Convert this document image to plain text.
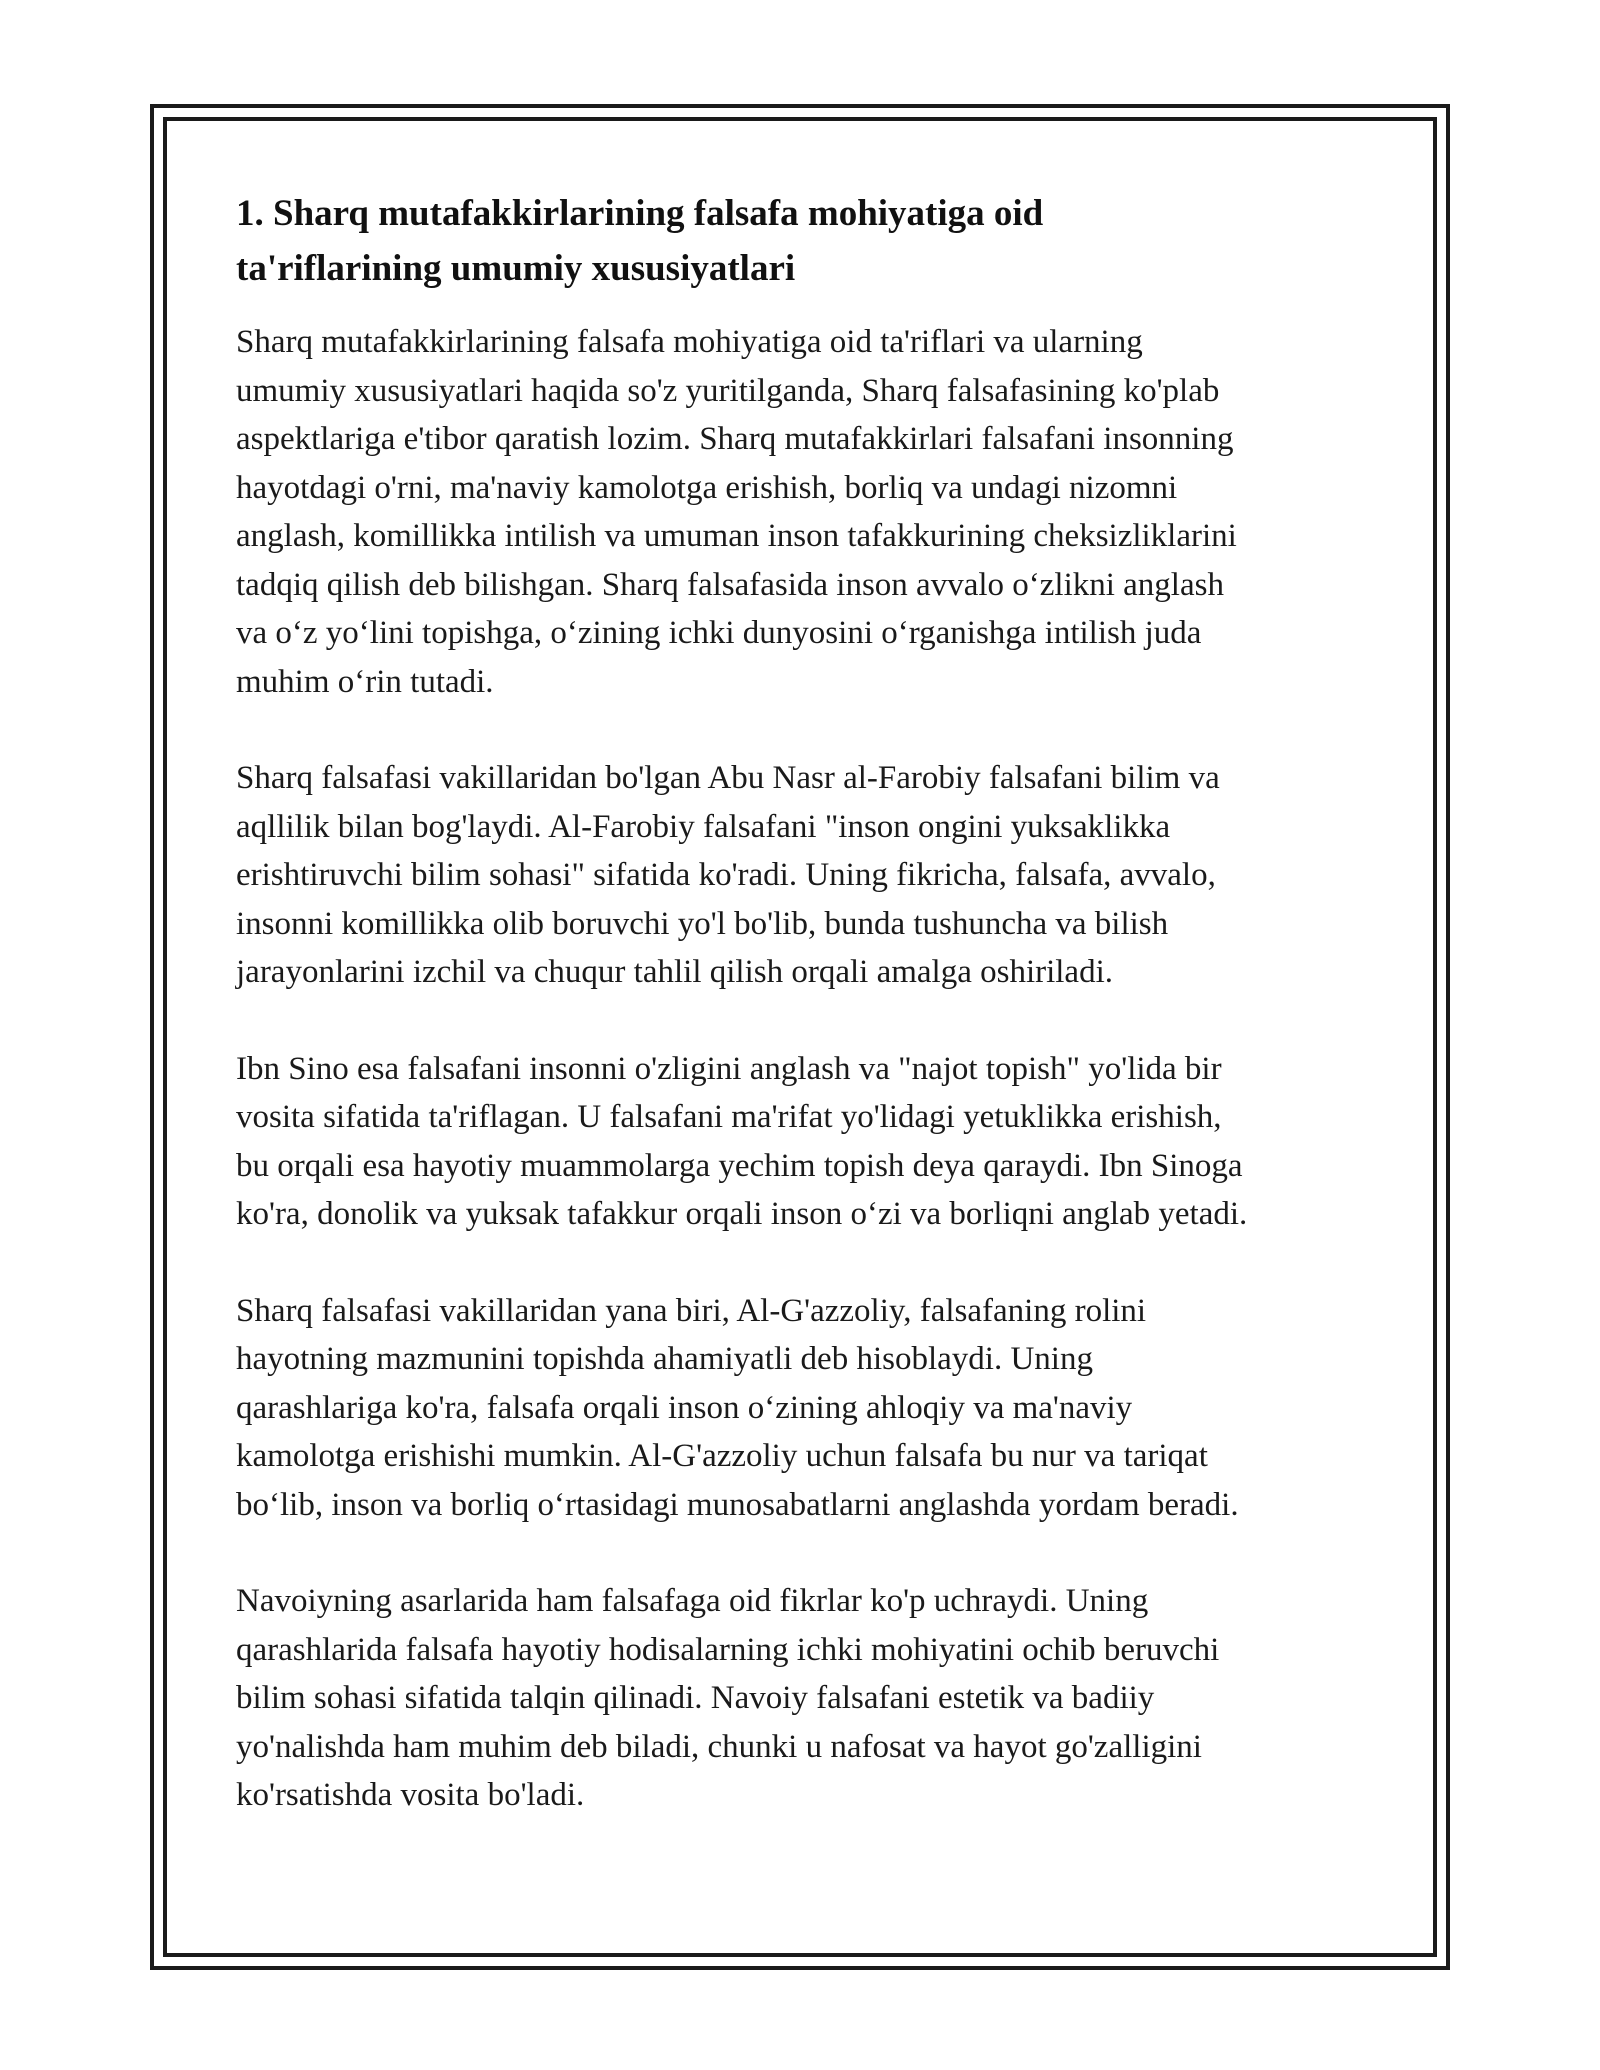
1. Sharq mutafakkirlarining falsafa mohiyatiga oid
ta'riflarining umumiy xususiyatlari

Sharq mutafakkirlarining falsafa mohiyatiga oid ta'riflari va ularning
umumiy xususiyatlari haqida so'z yuritilganda, Sharq falsafasining ko'plab
aspektlariga e'tibor qaratish lozim. Sharq mutafakkirlari falsafani insonning
hayotdagi o'rni, ma'naviy kamolotga erishish, borliq va undagi nizomni
anglash, komillikka intilish va umuman inson tafakkurining cheksizliklarini
tadqiq qilish deb bilishgan. Sharq falsafasida inson avvalo o‘zlikni anglash
va o‘z yo‘lini topishga, o‘zining ichki dunyosini o‘rganishga intilish juda
muhim o‘rin tutadi.

Sharq falsafasi vakillaridan bo'lgan Abu Nasr al-Farobiy falsafani bilim va
aqllilik bilan bog'laydi. Al-Farobiy falsafani "inson ongini yuksaklikka
erishtiruvchi bilim sohasi" sifatida ko'radi. Uning fikricha, falsafa, avvalo,
insonni komillikka olib boruvchi yo'l bo'lib, bunda tushuncha va bilish
jarayonlarini izchil va chuqur tahlil qilish orqali amalga oshiriladi.

Ibn Sino esa falsafani insonni o'zligini anglash va "najot topish" yo'lida bir
vosita sifatida ta'riflagan. U falsafani ma'rifat yo'lidagi yetuklikka erishish,
bu orqali esa hayotiy muammolarga yechim topish deya qaraydi. Ibn Sinoga
ko'ra, donolik va yuksak tafakkur orqali inson o‘zi va borliqni anglab yetadi.

Sharq falsafasi vakillaridan yana biri, Al-G'azzoliy, falsafaning rolini
hayotning mazmunini topishda ahamiyatli deb hisoblaydi. Uning
qarashlariga ko'ra, falsafa orqali inson o‘zining ahloqiy va ma'naviy
kamolotga erishishi mumkin. Al-G'azzoliy uchun falsafa bu nur va tariqat
bo‘lib, inson va borliq o‘rtasidagi munosabatlarni anglashda yordam beradi.

Navoiyning asarlarida ham falsafaga oid fikrlar ko'p uchraydi. Uning
qarashlarida falsafa hayotiy hodisalarning ichki mohiyatini ochib beruvchi
bilim sohasi sifatida talqin qilinadi. Navoiy falsafani estetik va badiiy
yo'nalishda ham muhim deb biladi, chunki u nafosat va hayot go'zalligini
ko'rsatishda vosita bo'ladi.
